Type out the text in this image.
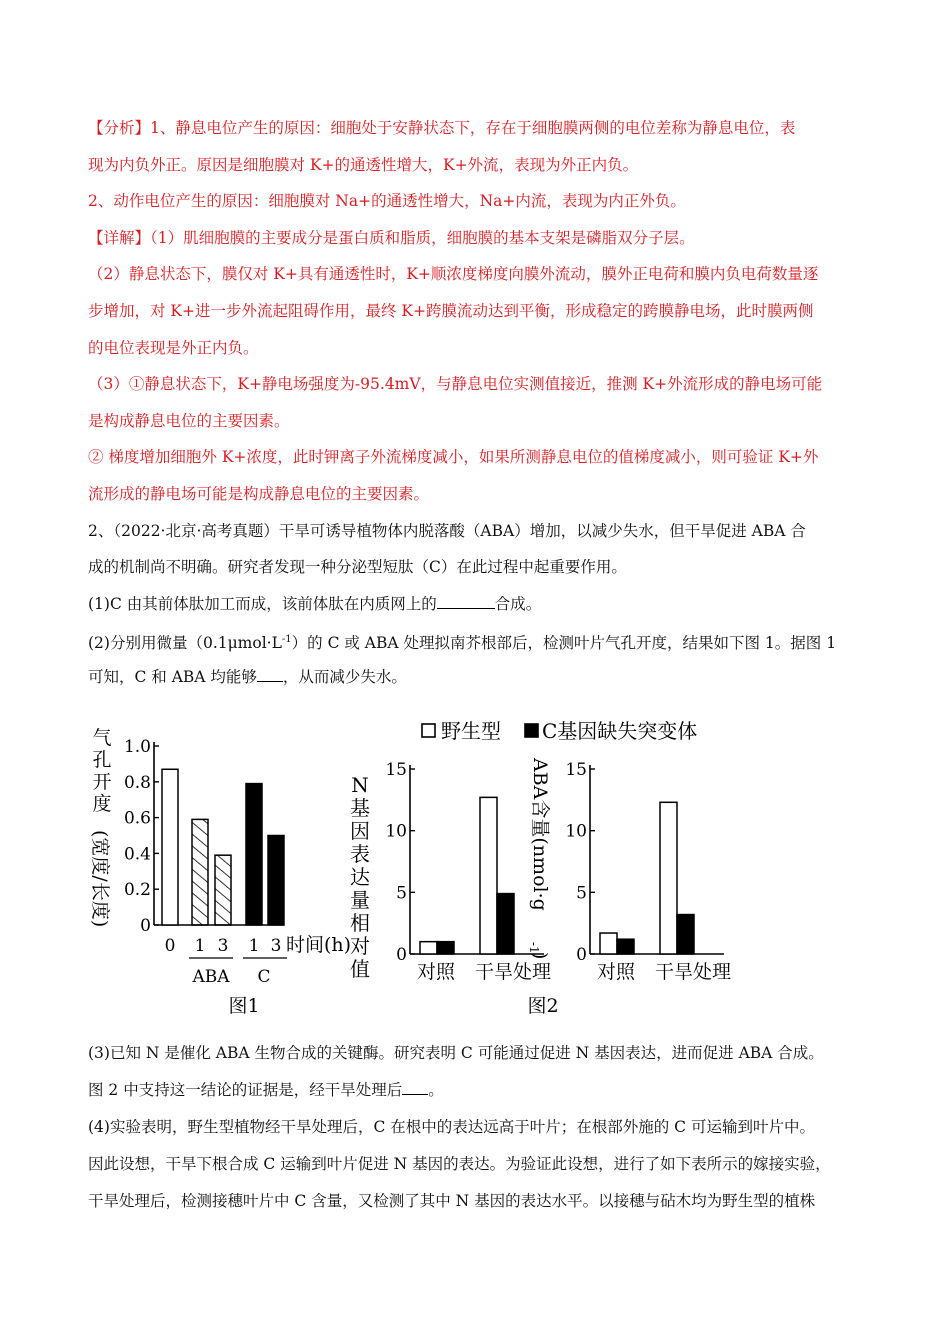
【分析】1、静息电位产生的原因：细胞处于安静状态下，存在于细胞膜两侧的电位差称为静息电位，表
现为内负外正。原因是细胞膜对 K+的通透性增大，K+外流，表现为外正内负。
2、动作电位产生的原因：细胞膜对 Na+的通透性增大，Na+内流，表现为内正外负。
【详解】（1）肌细胞膜的主要成分是蛋白质和脂质，细胞膜的基本支架是磷脂双分子层。
（2）静息状态下，膜仅对 K+具有通透性时，K+顺浓度梯度向膜外流动，膜外正电荷和膜内负电荷数量逐
步增加，对 K+进一步外流起阻碍作用，最终 K+跨膜流动达到平衡，形成稳定的跨膜静电场，此时膜两侧
的电位表现是外正内负。
（3）①静息状态下，K+静电场强度为-95.4mV，与静息电位实测值接近，推测 K+外流形成的静电场可能
是构成静息电位的主要因素。
② 梯度增加细胞外 K+浓度，此时钾离子外流梯度减小，如果所测静息电位的值梯度减小，则可验证 K+外
流形成的静电场可能是构成静息电位的主要因素。
2、（2022·北京·高考真题）干旱可诱导植物体内脱落酸（ABA）增加，以减少失水，但干旱促进 ABA 合
成的机制尚不明确。研究者发现一种分泌型短肽（C）在此过程中起重要作用。
(1)C 由其前体肽加工而成，该前体肽在内质网上的	合成。
(2)分别用微量$(0.1\mu mol\cdot L^{-1})$的 C 或 ABA 处理拟南芥根部后，检测叶片气孔开度，结果如下图 1。据图 1
可知，C 和 ABA 均能够 ，从而减少失水。
气
孔
开
度
(宽度/长度) 0
0.2
0.4
0.6
0.8
1.0
0 1 3 1 3
ABA C
时间(h)
N
基
因
表
达
量
相
对
值
0
5
10
15
对照 干旱处理
ABA含量(nmol·g
-1
) 0
5
10
15
对照 干旱处理
野生型 C基因缺失突变体
图1	图2
(3)已知 N 是催化 ABA 生物合成的关键酶。研究表明 C 可能通过促进 N 基因表达，进而促进 ABA 合成。
图 2 中支持这一结论的证据是，经干旱处理后 。
(4)实验表明，野生型植物经干旱处理后，C 在根中的表达远高于叶片；在根部外施的 C 可运输到叶片中。
因此设想，干旱下根合成 C 运输到叶片促进 N 基因的表达。为验证此设想，进行了如下表所示的嫁接实验，
干旱处理后，检测接穗叶片中 C 含量，又检测了其中 N 基因的表达水平。以接穗与砧木均为野生型的植株
